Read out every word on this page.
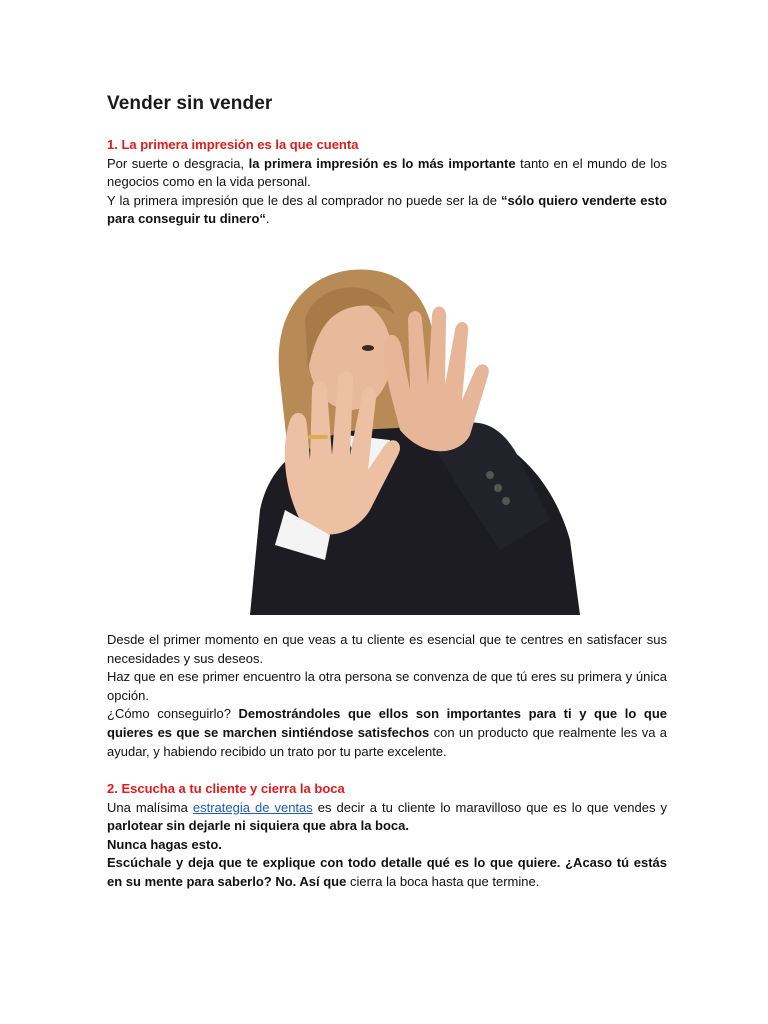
Vender sin vender

1. La primera impresión es la que cuenta

Por suerte o desgracia, la primera impresión es lo más importante tanto en el mundo de los negocios como en la vida personal.

Y la primera impresión que le des al comprador no puede ser la de “sólo quiero venderte esto para conseguir tu dinero“.

Desde el primer momento en que veas a tu cliente es esencial que te centres en satisfacer sus necesidades y sus deseos.

Haz que en ese primer encuentro la otra persona se convenza de que tú eres su primera y única opción.

¿Cómo conseguirlo? Demostrándoles que ellos son importantes para ti y que lo que quieres es que se marchen sintiéndose satisfechos con un producto que realmente les va a ayudar, y habiendo recibido un trato por tu parte excelente.

2. Escucha a tu cliente y cierra la boca

Una malísima estrategia de ventas es decir a tu cliente lo maravilloso que es lo que vendes y parlotear sin dejarle ni siquiera que abra la boca.

Nunca hagas esto.

Escúchale y deja que te explique con todo detalle qué es lo que quiere. ¿Acaso tú estás en su mente para saberlo? No. Así que cierra la boca hasta que termine.
